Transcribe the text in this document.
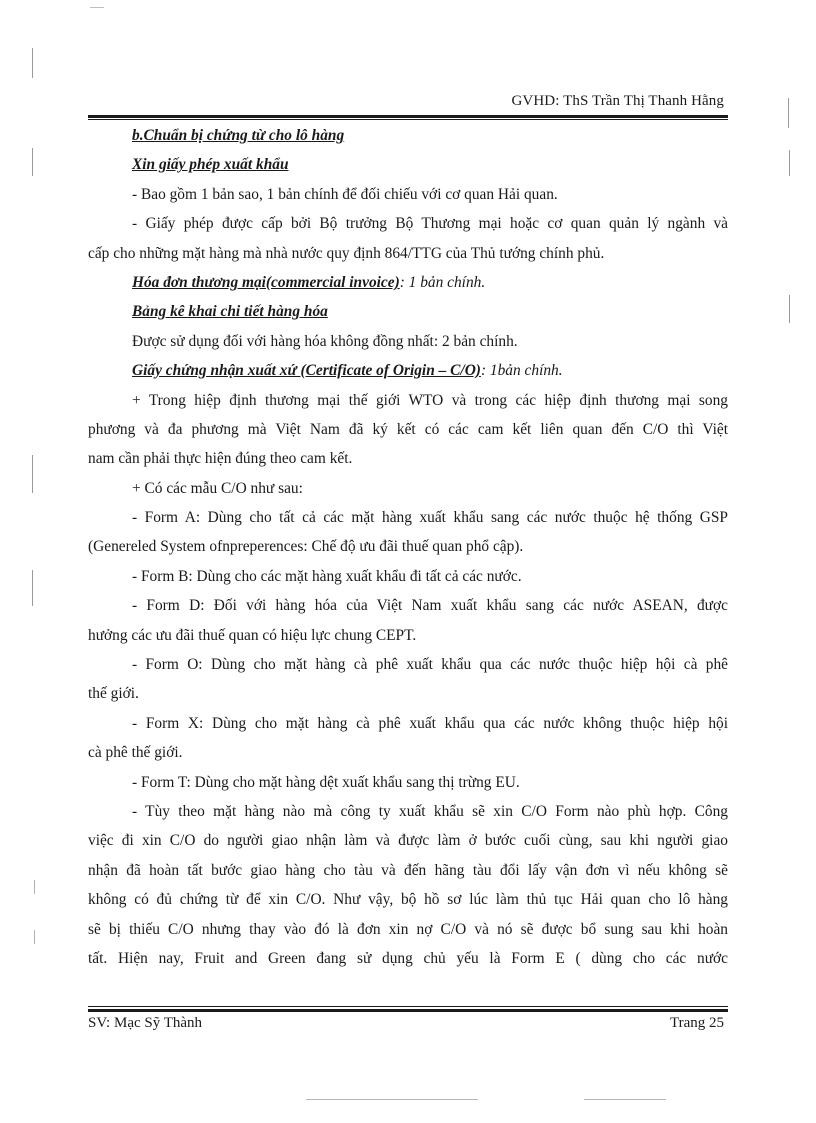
GVHD: ThS Trần Thị Thanh Hằng
b.Chuẩn bị chứng từ cho lô hàng
Xin giấy phép xuất khẩu
- Bao gồm 1 bản sao, 1 bản chính để đối chiếu với cơ quan Hải quan.
- Giấy phép được cấp bởi Bộ trưởng Bộ Thương mại hoặc cơ quan quản lý ngành và
cấp cho những mặt hàng mà nhà nước quy định 864/TTG của Thủ tướng chính phủ.
Hóa đơn thương mại(commercial invoice): 1 bản chính.
Bảng kê khai chi tiết hàng hóa
Được sử dụng đối với hàng hóa không đồng nhất: 2 bản chính.
Giấy chứng nhận xuất xứ (Certificate of Origin – C/O): 1bản chính.
+ Trong hiệp định thương mại thế giới WTO và trong các hiệp định thương mại song
phương và đa phương mà Việt Nam đã ký kết có các cam kết liên quan đến C/O thì Việt
nam cần phải thực hiện đúng theo cam kết.
+ Có các mẫu C/O như sau:
- Form A: Dùng cho tất cả các mặt hàng xuất khẩu sang các nước thuộc hệ thống GSP
(Genereled System ofnpreperences: Chế độ ưu đãi thuế quan phổ cập).
- Form B: Dùng cho các mặt hàng xuất khẩu đi tất cả các nước.
- Form D: Đối với hàng hóa của Việt Nam xuất khẩu sang các nước ASEAN, được
hưởng các ưu đãi thuế quan có hiệu lực chung CEPT.
- Form O: Dùng cho mặt hàng cà phê xuất khẩu qua các nước thuộc hiệp hội cà phê
thế giới.
- Form X: Dùng cho mặt hàng cà phê xuất khẩu qua các nước không thuộc hiệp hội
cà phê thế giới.
- Form T: Dùng cho mặt hàng dệt xuất khẩu sang thị trừng EU.
- Tùy theo mặt hàng nào mà công ty xuất khẩu sẽ xin C/O Form nào phù hợp. Công
việc đi xin C/O do người giao nhận làm và được làm ở bước cuối cùng, sau khi người giao
nhận đã hoàn tất bước giao hàng cho tàu và đến hãng tàu đổi lấy vận đơn vì nếu không sẽ
không có đủ chứng từ để xin C/O. Như vậy, bộ hồ sơ lúc làm thủ tục Hải quan cho lô hàng
sẽ bị thiếu C/O nhưng thay vào đó là đơn xin nợ C/O và nó sẽ được bổ sung sau khi hoàn
tất. Hiện nay, Fruit and Green đang sử dụng chủ yếu là Form E ( dùng cho các nước
SV: Mạc Sỹ Thành	Trang 25
